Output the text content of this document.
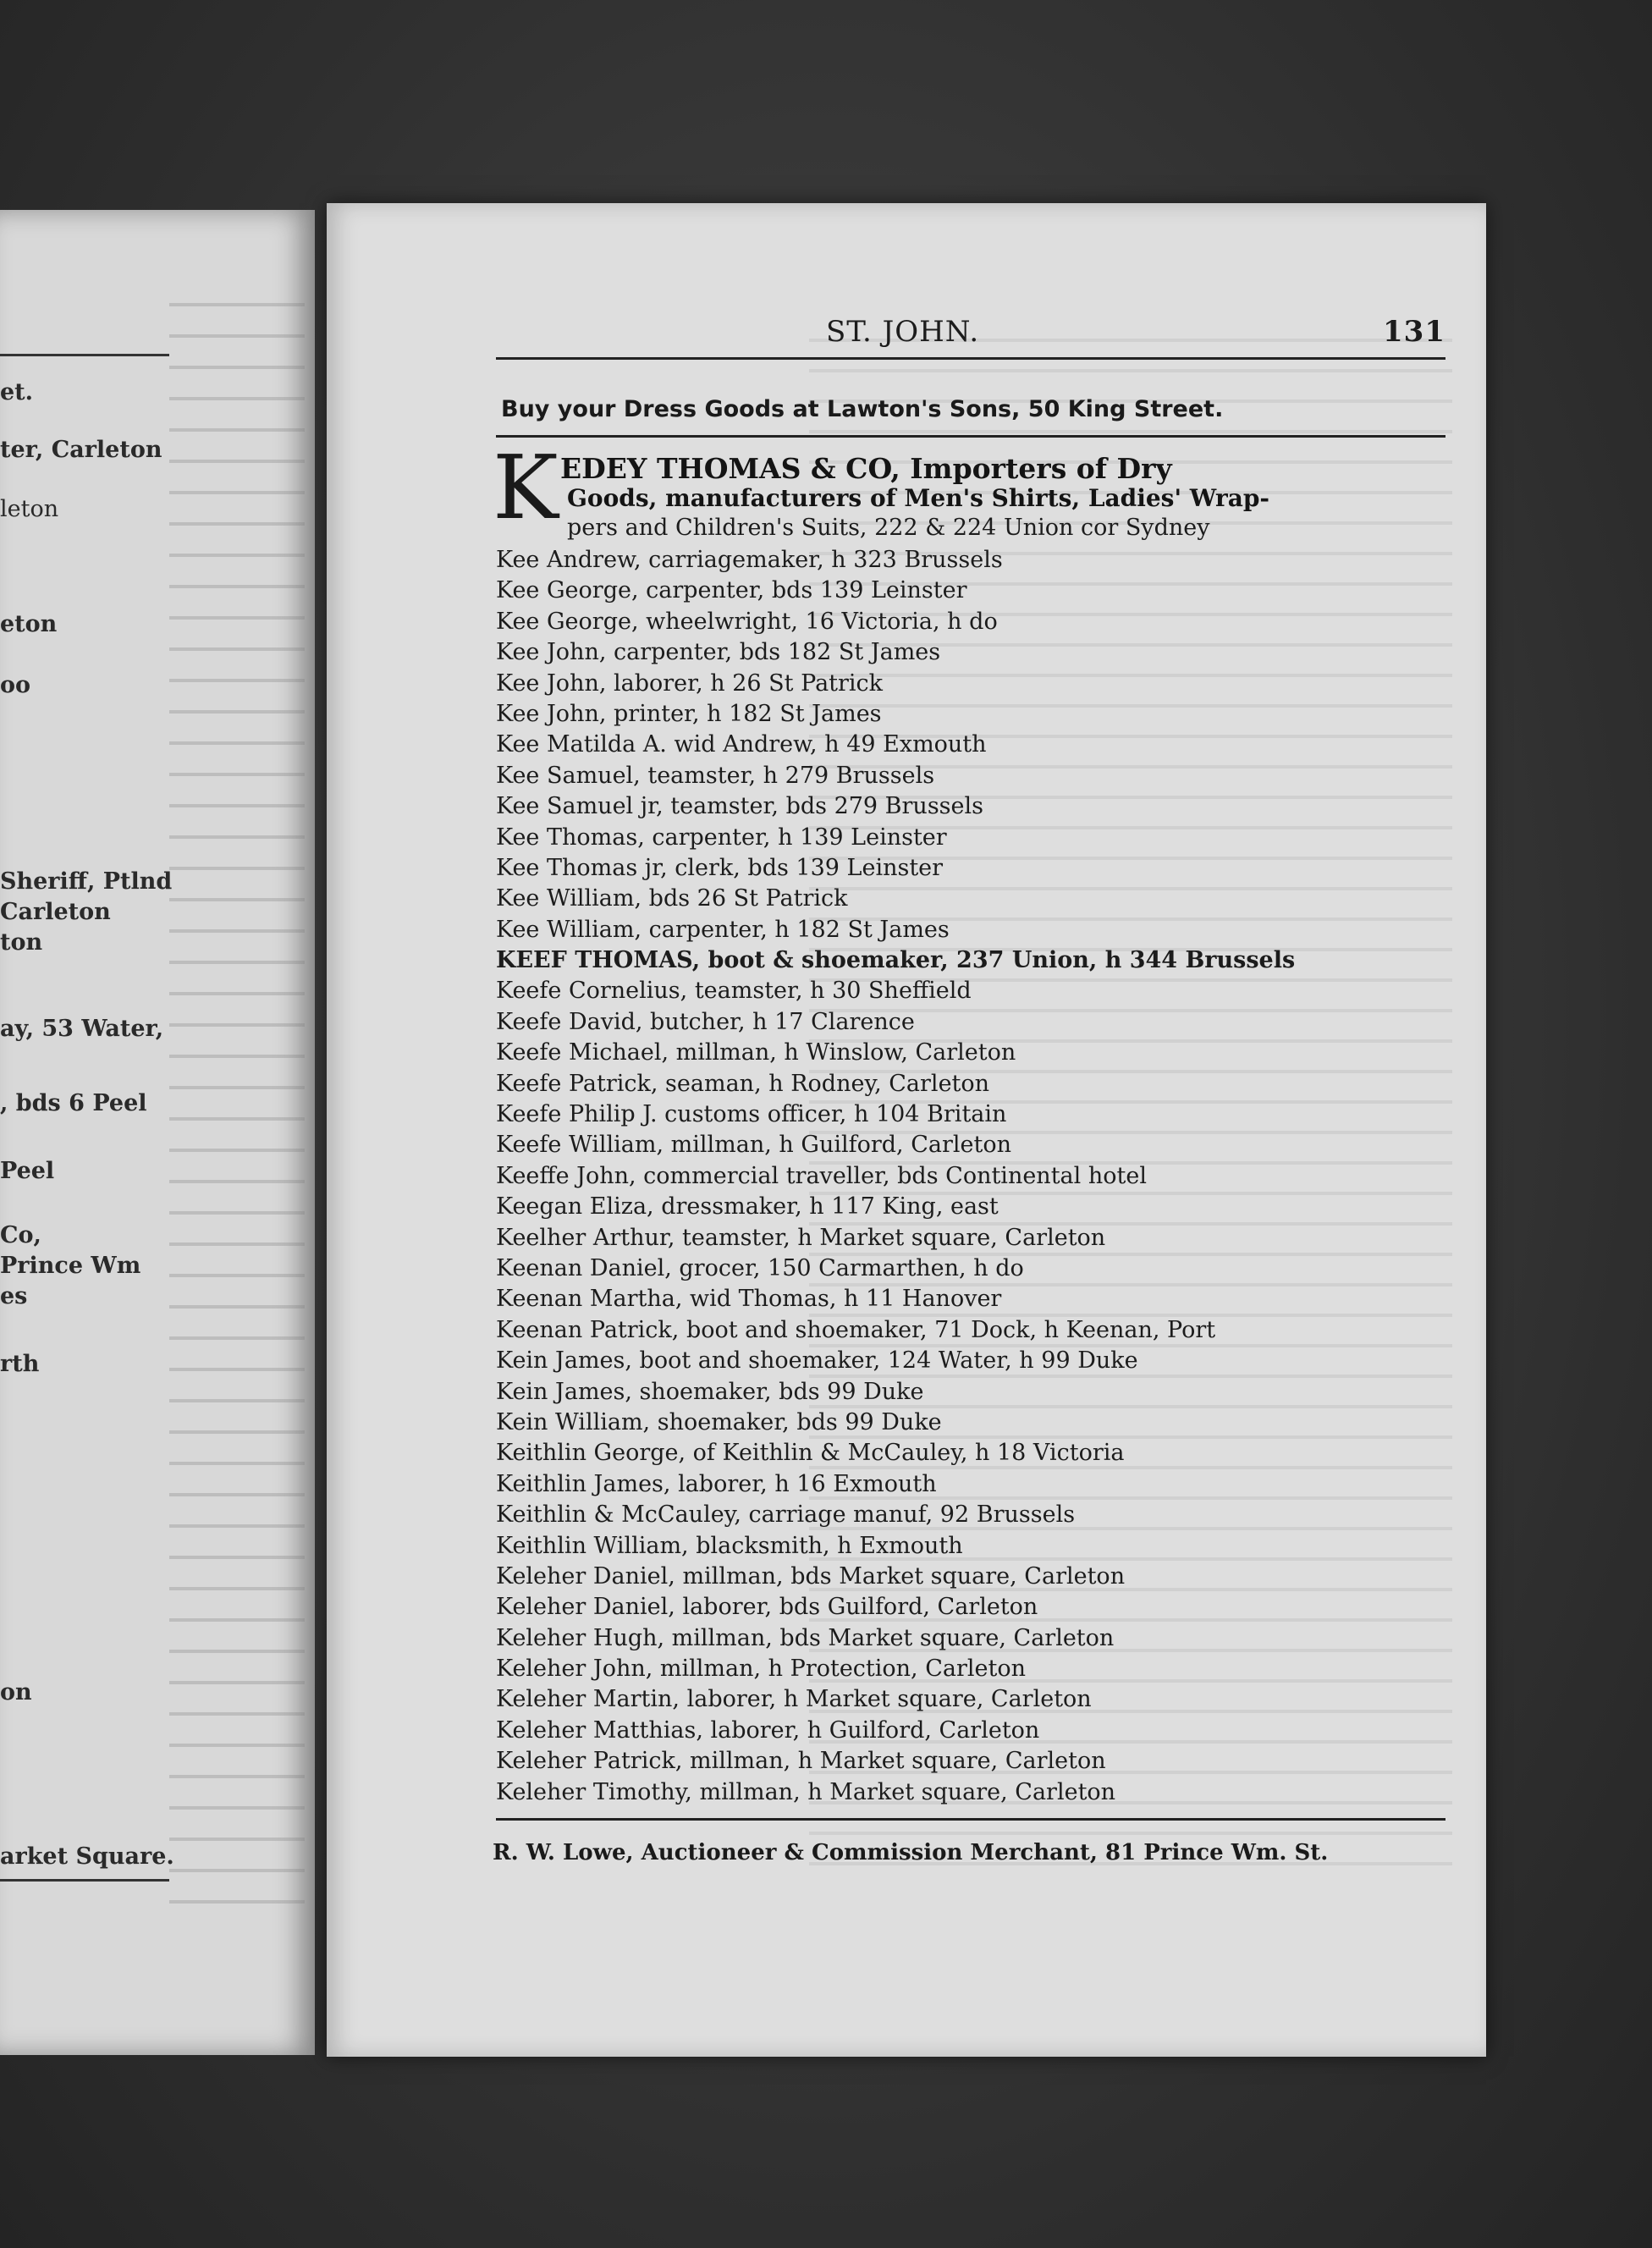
et.
ter, Carleton
leton
eton
oo
Sheriff, Ptlnd
Carleton
ton
ay, 53 Water,
, bds 6 Peel
Peel
Co,
Prince Wm
es
rth
on
arket Square.
ST. JOHN.	131
Buy your Dress Goods at Lawton's Sons, 50 King Street.
K EDEY THOMAS & CO, Importers of Dry
Goods, manufacturers of Men's Shirts, Ladies' Wrap-
pers and Children's Suits, 222 & 224 Union cor Sydney
Kee Andrew, carriagemaker, h 323 Brussels
Kee George, carpenter, bds 139 Leinster
Kee George, wheelwright, 16 Victoria, h do
Kee John, carpenter, bds 182 St James
Kee John, laborer, h 26 St Patrick
Kee John, printer, h 182 St James
Kee Matilda A. wid Andrew, h 49 Exmouth
Kee Samuel, teamster, h 279 Brussels
Kee Samuel jr, teamster, bds 279 Brussels
Kee Thomas, carpenter, h 139 Leinster
Kee Thomas jr, clerk, bds 139 Leinster
Kee William, bds 26 St Patrick
Kee William, carpenter, h 182 St James
KEEF THOMAS, boot & shoemaker, 237 Union, h 344 Brussels
Keefe Cornelius, teamster, h 30 Sheffield
Keefe David, butcher, h 17 Clarence
Keefe Michael, millman, h Winslow, Carleton
Keefe Patrick, seaman, h Rodney, Carleton
Keefe Philip J. customs officer, h 104 Britain
Keefe William, millman, h Guilford, Carleton
Keeffe John, commercial traveller, bds Continental hotel
Keegan Eliza, dressmaker, h 117 King, east
Keelher Arthur, teamster, h Market square, Carleton
Keenan Daniel, grocer, 150 Carmarthen, h do
Keenan Martha, wid Thomas, h 11 Hanover
Keenan Patrick, boot and shoemaker, 71 Dock, h Keenan, Port
Kein James, boot and shoemaker, 124 Water, h 99 Duke
Kein James, shoemaker, bds 99 Duke
Kein William, shoemaker, bds 99 Duke
Keithlin George, of Keithlin & McCauley, h 18 Victoria
Keithlin James, laborer, h 16 Exmouth
Keithlin & McCauley, carriage manuf, 92 Brussels
Keithlin William, blacksmith, h Exmouth
Keleher Daniel, millman, bds Market square, Carleton
Keleher Daniel, laborer, bds Guilford, Carleton
Keleher Hugh, millman, bds Market square, Carleton
Keleher John, millman, h Protection, Carleton
Keleher Martin, laborer, h Market square, Carleton
Keleher Matthias, laborer, h Guilford, Carleton
Keleher Patrick, millman, h Market square, Carleton
Keleher Timothy, millman, h Market square, Carleton
R. W. Lowe, Auctioneer & Commission Merchant, 81 Prince Wm. St.
